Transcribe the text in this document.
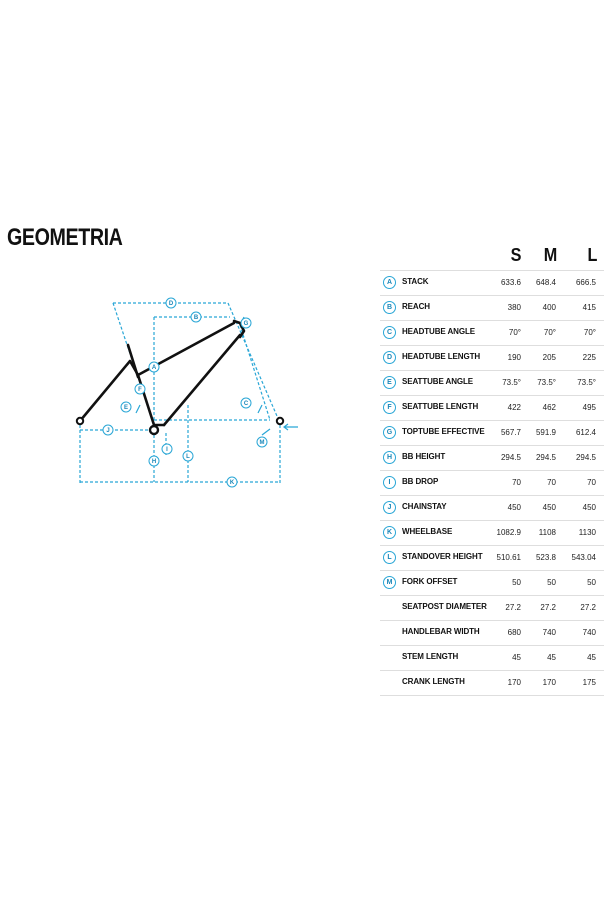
GEOMETRIA
D
B
A
F
E
C
G
J
M
I
H
L
K
S M L
A	STACK	633.6	648.4	666.5
B	REACH	380	400	415
C	HEADTUBE ANGLE	70°	70°	70°
D	HEADTUBE LENGTH	190	205	225
E	SEATTUBE ANGLE	73.5°	73.5°	73.5°
F	SEATTUBE LENGTH	422	462	495
G	TOPTUBE EFFECTIVE	567.7	591.9	612.4
H	BB HEIGHT	294.5	294.5	294.5
I	BB DROP	70	70	70
J	CHAINSTAY	450	450	450
K	WHEELBASE	1082.9	1108	1130
L	STANDOVER HEIGHT	510.61	523.8	543.04
M	FORK OFFSET	50	50	50
SEATPOST DIAMETER	27.2	27.2	27.2
HANDLEBAR WIDTH	680	740	740
STEM LENGTH	45	45	45
CRANK LENGTH	170	170	175
